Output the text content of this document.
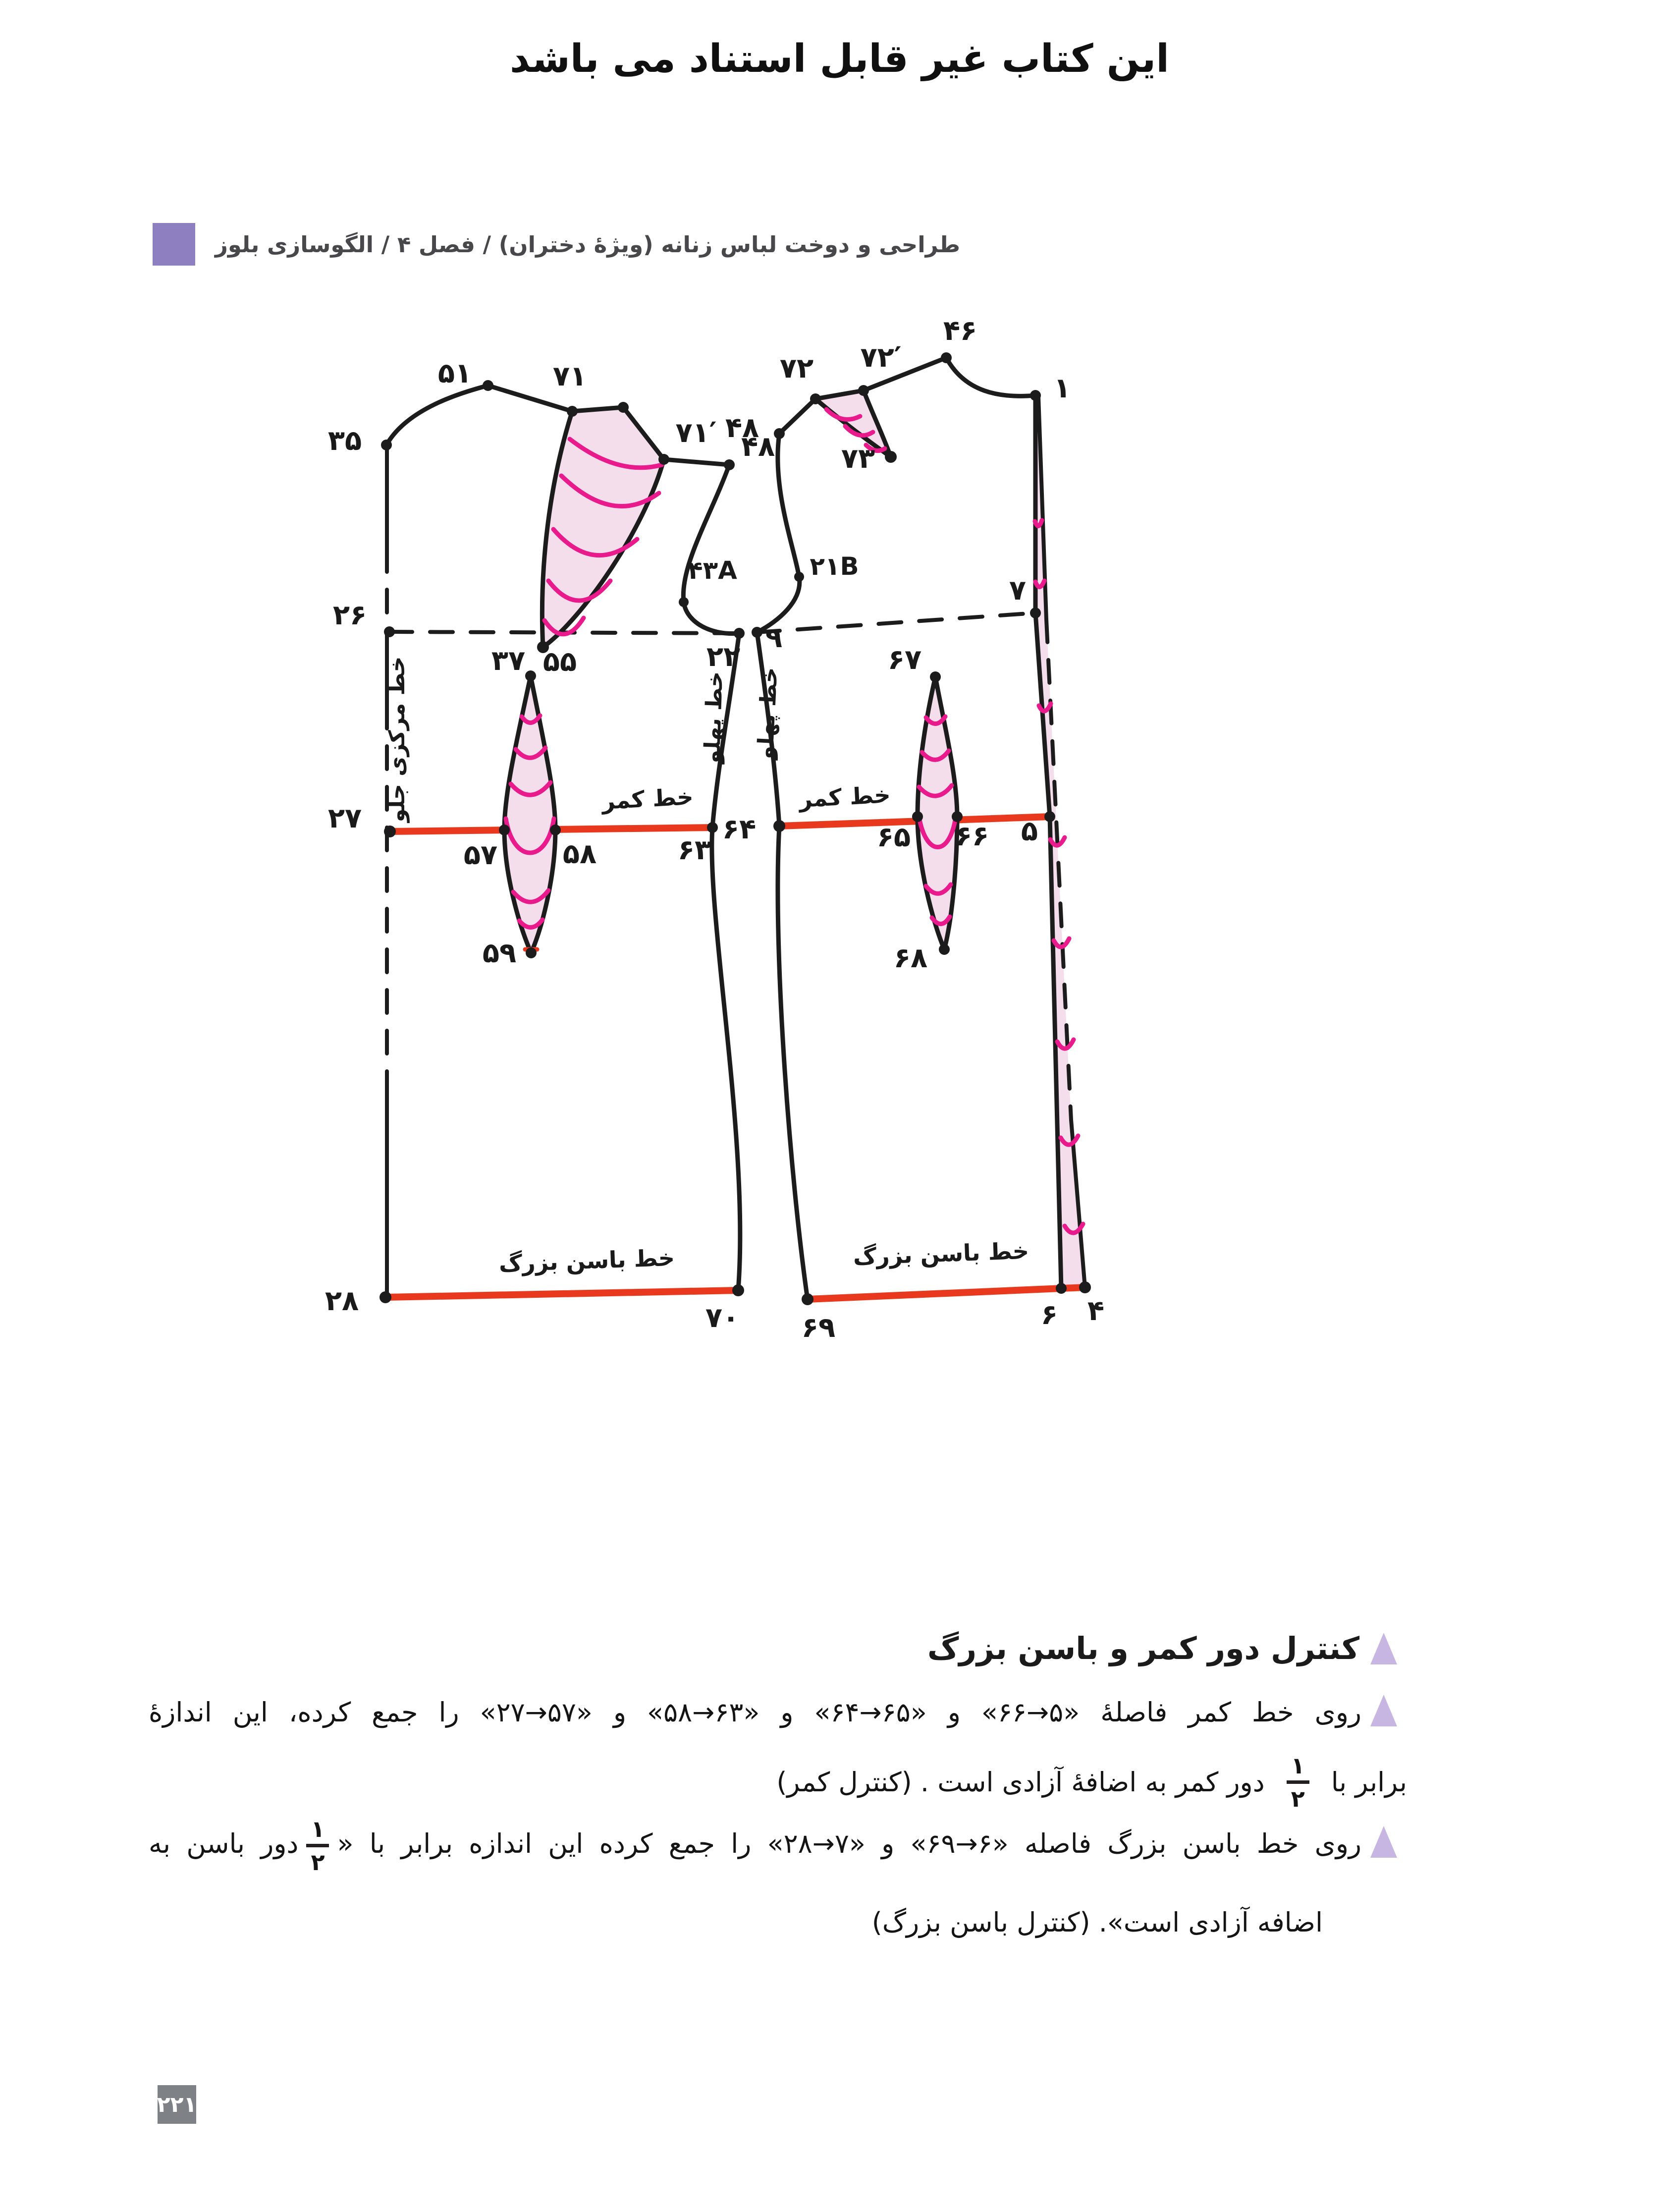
این کتاب غیر قابل استناد می باشد
طراحی و دوخت لباس زنانه (ویژهٔ دختران) / فصل ۴ / الگوسازی بلوز
۵۱	۷۱
۷۱′
۳۵	۴۸
۴۳A
۲۶
۳۷	۲۲
۵۵
۲۷
۵۷ ۵۸	۶۳
۵۹
۲۸
۷۰
خط کمر
خط باسن بزرگ
خط مرکزی جلو	خط پهلو
۴۶
۷۲′
۷۲
۴۸
۷۳
۱
۲۱B
۷
۹
۶۷
۶۴	۶۵ ۶۶ ۵
۶۸
۶۹	۶ ۴
خط کمر
خط باسن بزرگ
خط پهلو
کنترل دور کمر و باسن بزرگ
روی خط کمر فاصلهٔ «۵→۶۶» و «۶۵→۶۴» و «۶۳→۵۸» و «۵۷→۲۷» را جمع کرده، این اندازهٔ
برابر با
۱
۲
دور کمر به اضافهٔ آزادی است . (کنترل کمر)
روی خط باسن بزرگ فاصله «۶→۶۹» و «۷→۲۸» را جمع کرده این اندازه برابر با «
۱
۲
دور باسن به
اضافه آزادی است». (کنترل باسن بزرگ)
۲۲۱
